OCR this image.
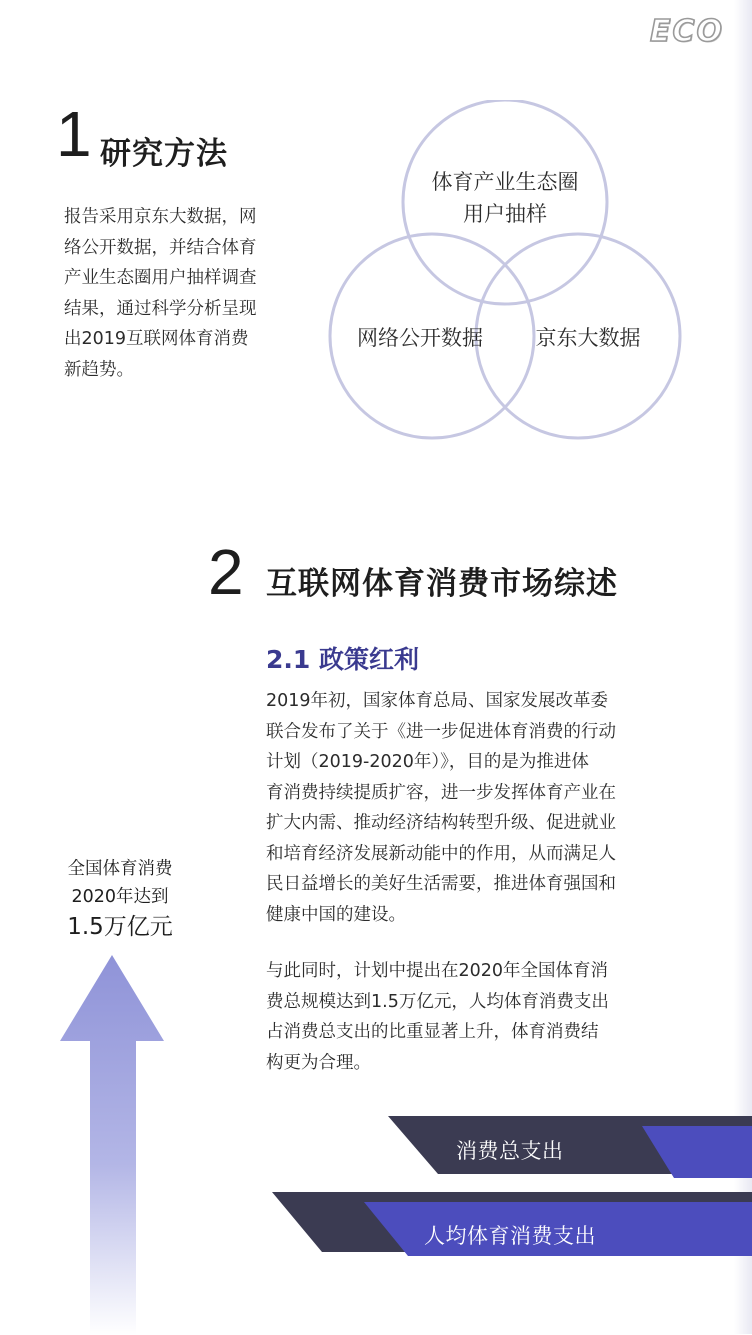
ECO
1 研究方法

报告采用京东大数据，网
络公开数据，并结合体育
产业生态圈用户抽样调查
结果，通过科学分析呈现
出2019互联网体育消费
新趋势。

体育产业生态圈
用户抽样
网络公开数据	京东大数据
2 互联网体育消费市场综述
2.1 政策红利

2019年初，国家体育总局、国家发展改革委
联合发布了关于《进一步促进体育消费的行动
计划（2019-2020年）》，目的是为推进体
育消费持续提质扩容，进一步发挥体育产业在
扩大内需、推动经济结构转型升级、促进就业
和培育经济发展新动能中的作用，从而满足人
民日益增长的美好生活需要，推进体育强国和
健康中国的建设。

与此同时，计划中提出在2020年全国体育消
费总规模达到1.5万亿元，人均体育消费支出
占消费总支出的比重显著上升，体育消费结
构更为合理。

全国体育消费
2020年达到
1.5万亿元
消费总支出
人均体育消费支出
